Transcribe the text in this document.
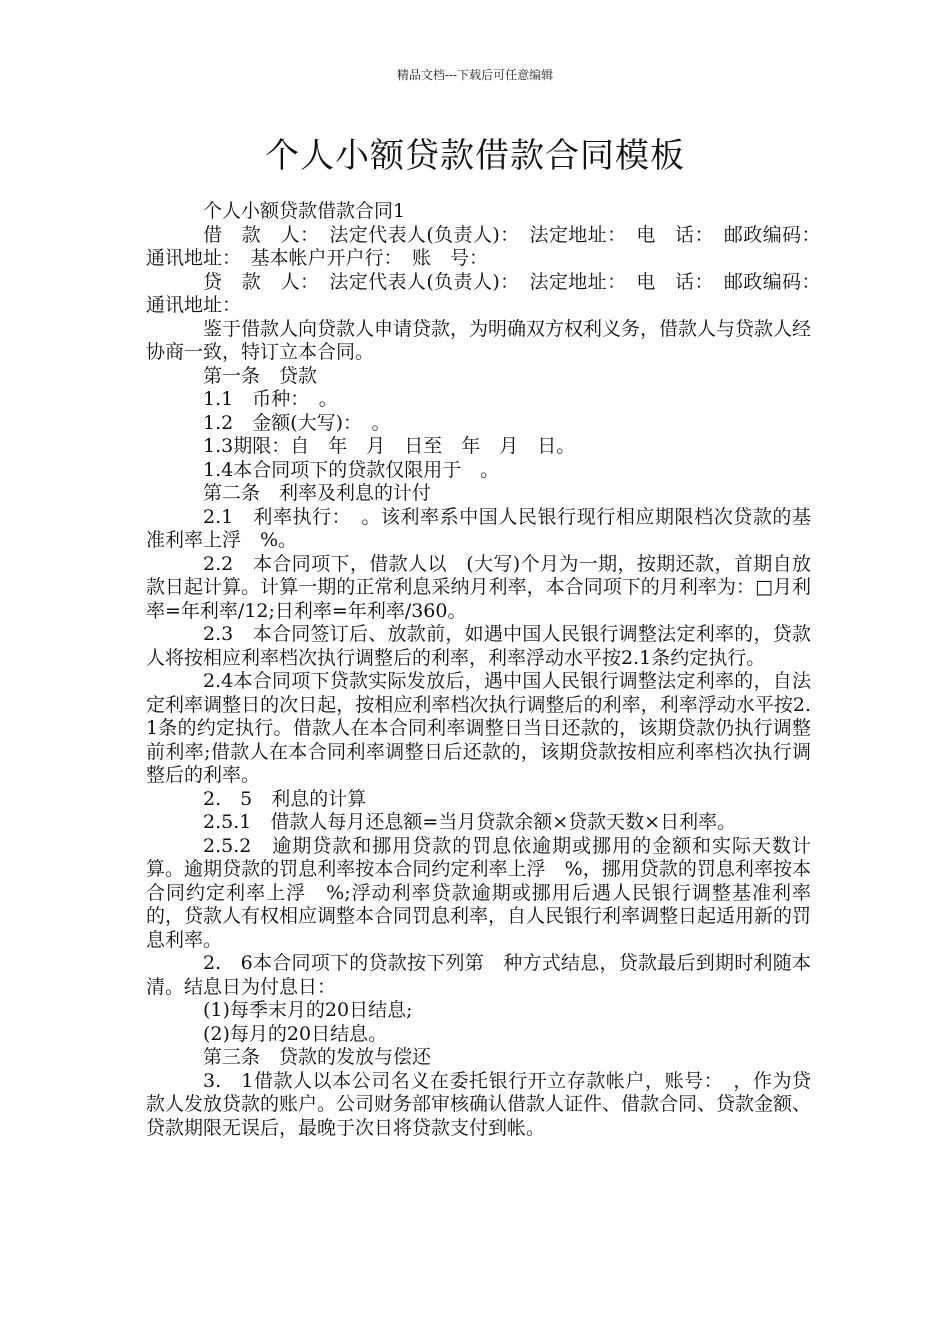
精品文档---下载后可任意编辑
个人小额贷款借款合同模板

个人小额贷款借款合同1

借　款　人：　法定代表人(负责人)：　法定地址：　电　话：　邮政编码：　通讯地址：　基本帐户开户行：　账　号：

贷　款　人：　法定代表人(负责人)：　法定地址：　电　话：　邮政编码：　通讯地址：

鉴于借款人向贷款人申请贷款，为明确双方权利义务，借款人与贷款人经协商一致，特订立本合同。

第一条　贷款

1.1　币种：　。

1.2　金额(大写)：　。

1.3期限：自　年　月　日至　年　月　日。

1.4本合同项下的贷款仅限用于　。

第二条　利率及利息的计付

2.1　利率执行：　。该利率系中国人民银行现行相应期限档次贷款的基准利率上浮　%。

2.2　本合同项下，借款人以　(大写)个月为一期，按期还款，首期自放款日起计算。计算一期的正常利息采纳月利率，本合同项下的月利率为：□月利率=年利率/12;日利率=年利率/360。

2.3　本合同签订后、放款前，如遇中国人民银行调整法定利率的，贷款人将按相应利率档次执行调整后的利率，利率浮动水平按2.1条约定执行。

2.4本合同项下贷款实际发放后，遇中国人民银行调整法定利率的，自法定利率调整日的次日起，按相应利率档次执行调整后的利率，利率浮动水平按2.1条的约定执行。借款人在本合同利率调整日当日还款的，该期贷款仍执行调整前利率;借款人在本合同利率调整日后还款的，该期贷款按相应利率档次执行调整后的利率。

2.　5　利息的计算

2.5.1　借款人每月还息额=当月贷款余额×贷款天数×日利率。

2.5.2　逾期贷款和挪用贷款的罚息依逾期或挪用的金额和实际天数计算。逾期贷款的罚息利率按本合同约定利率上浮　%，挪用贷款的罚息利率按本合同约定利率上浮　%;浮动利率贷款逾期或挪用后遇人民银行调整基准利率的，贷款人有权相应调整本合同罚息利率，自人民银行利率调整日起适用新的罚息利率。

2.　6本合同项下的贷款按下列第　种方式结息，贷款最后到期时利随本清。结息日为付息日：

(1)每季末月的20日结息;

(2)每月的20日结息。

第三条　贷款的发放与偿还

3.　1借款人以本公司名义在委托银行开立存款帐户，账号：　，作为贷款人发放贷款的账户。公司财务部审核确认借款人证件、借款合同、贷款金额、贷款期限无误后，最晚于次日将贷款支付到帐。
